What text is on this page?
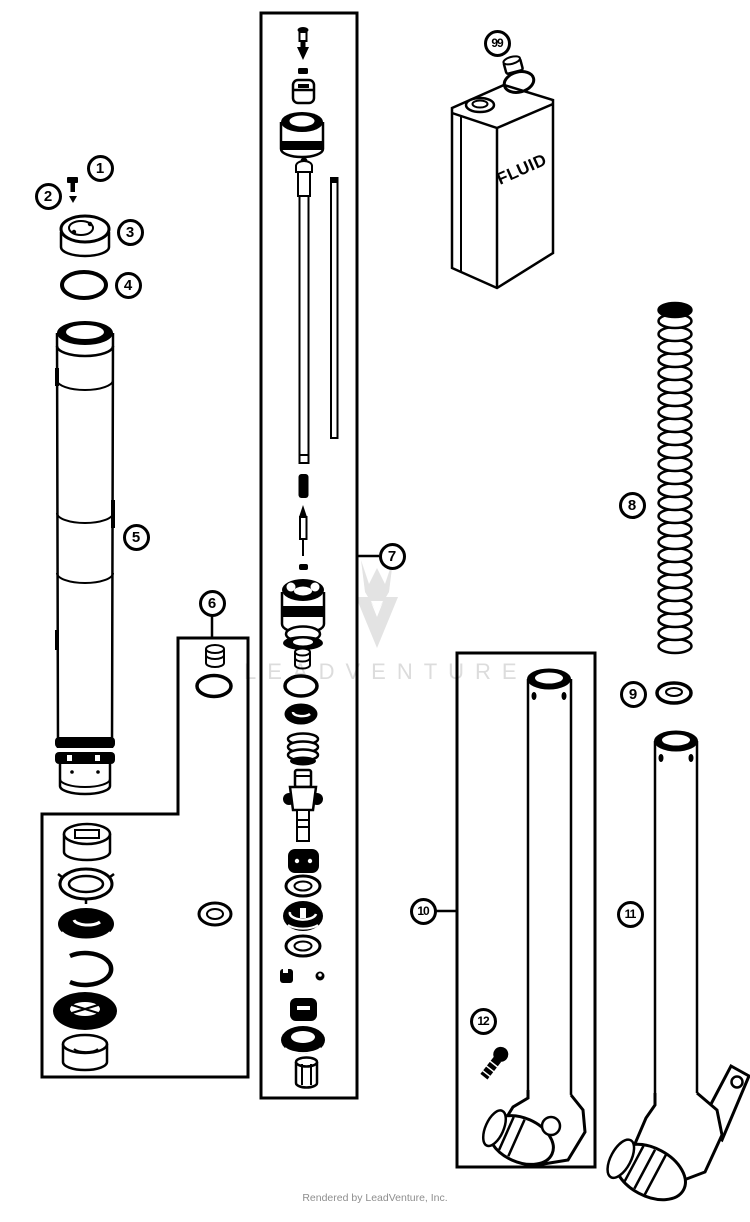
FLUID
1
2
3
4
5
6
7
8
9
10	11
12
99
LEADVENTURE
Rendered by LeadVenture, Inc.
